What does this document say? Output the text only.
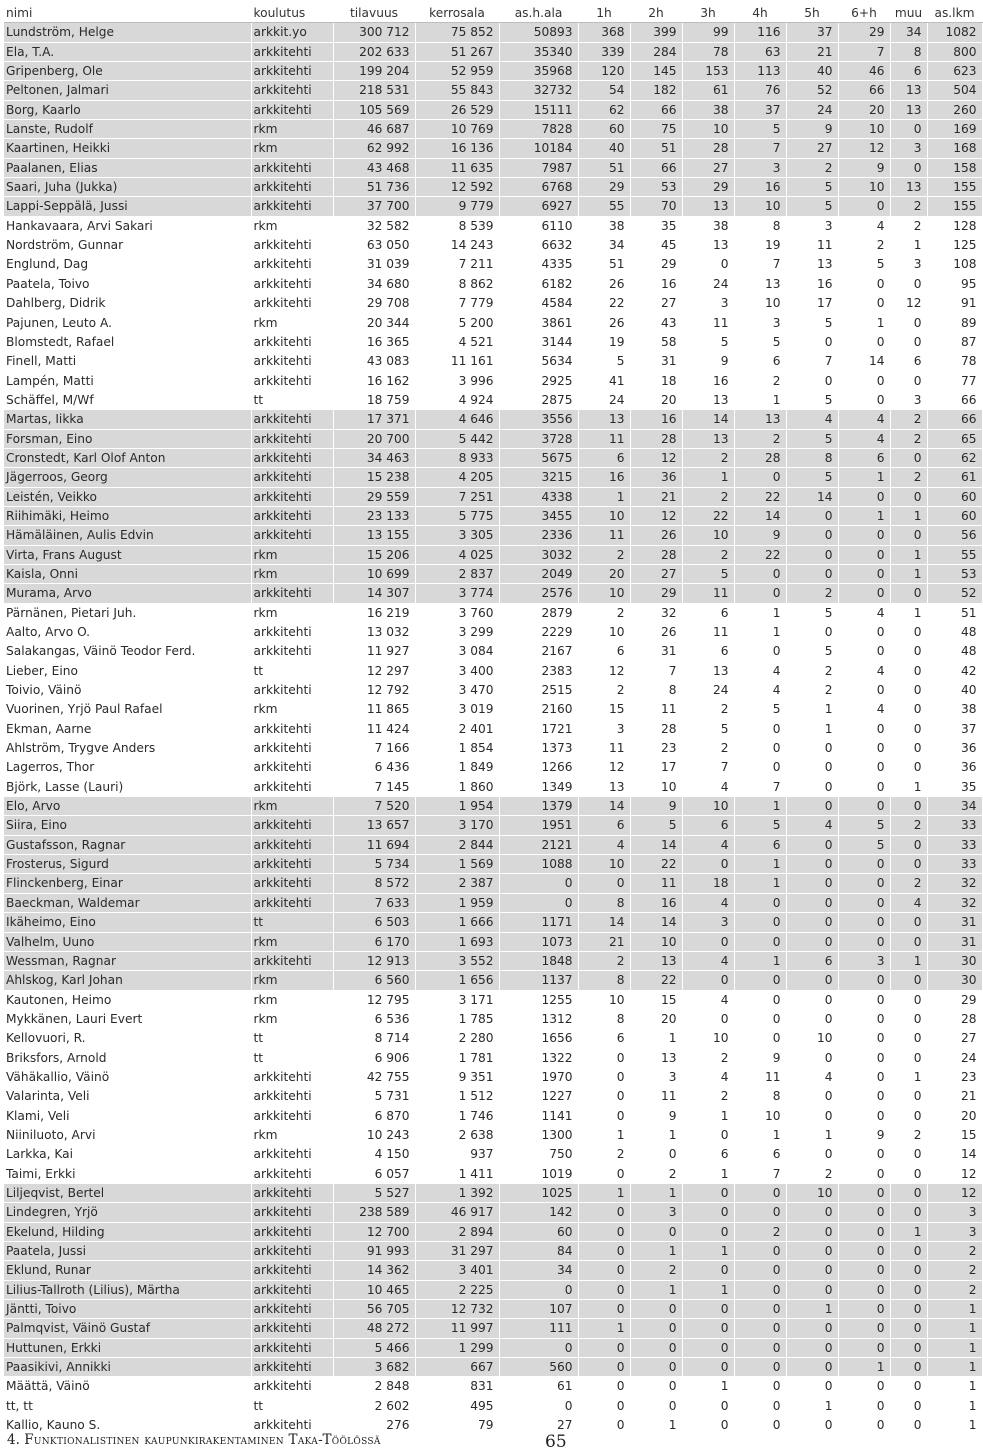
nimi	koulutus	tilavuus	kerrosala	as.h.ala	1h	2h	3h	4h	5h	6+h	muu	as.lkm
Lundström, Helge	arkkit.yo	300 712	75 852	50893	368	399	99	116	37	29	34	1082
Ela, T.A.	arkkitehti	202 633	51 267	35340	339	284	78	63	21	7	8	800
Gripenberg, Ole	arkkitehti	199 204	52 959	35968	120	145	153	113	40	46	6	623
Peltonen, Jalmari	arkkitehti	218 531	55 843	32732	54	182	61	76	52	66	13	504
Borg, Kaarlo	arkkitehti	105 569	26 529	15111	62	66	38	37	24	20	13	260
Lanste, Rudolf	rkm	46 687	10 769	7828	60	75	10	5	9	10	0	169
Kaartinen, Heikki	rkm	62 992	16 136	10184	40	51	28	7	27	12	3	168
Paalanen, Elias	arkkitehti	43 468	11 635	7987	51	66	27	3	2	9	0	158
Saari, Juha (Jukka)	arkkitehti	51 736	12 592	6768	29	53	29	16	5	10	13	155
Lappi-Seppälä, Jussi	arkkitehti	37 700	9 779	6927	55	70	13	10	5	0	2	155
Hankavaara, Arvi Sakari	rkm	32 582	8 539	6110	38	35	38	8	3	4	2	128
Nordström, Gunnar	arkkitehti	63 050	14 243	6632	34	45	13	19	11	2	1	125
Englund, Dag	arkkitehti	31 039	7 211	4335	51	29	0	7	13	5	3	108
Paatela, Toivo	arkkitehti	34 680	8 862	6182	26	16	24	13	16	0	0	95
Dahlberg, Didrik	arkkitehti	29 708	7 779	4584	22	27	3	10	17	0	12	91
Pajunen, Leuto A.	rkm	20 344	5 200	3861	26	43	11	3	5	1	0	89
Blomstedt, Rafael	arkkitehti	16 365	4 521	3144	19	58	5	5	0	0	0	87
Finell, Matti	arkkitehti	43 083	11 161	5634	5	31	9	6	7	14	6	78
Lampén, Matti	arkkitehti	16 162	3 996	2925	41	18	16	2	0	0	0	77
Schäffel, M/Wf	tt	18 759	4 924	2875	24	20	13	1	5	0	3	66
Martas, Iikka	arkkitehti	17 371	4 646	3556	13	16	14	13	4	4	2	66
Forsman, Eino	arkkitehti	20 700	5 442	3728	11	28	13	2	5	4	2	65
Cronstedt, Karl Olof Anton	arkkitehti	34 463	8 933	5675	6	12	2	28	8	6	0	62
Jägerroos, Georg	arkkitehti	15 238	4 205	3215	16	36	1	0	5	1	2	61
Leistén, Veikko	arkkitehti	29 559	7 251	4338	1	21	2	22	14	0	0	60
Riihimäki, Heimo	arkkitehti	23 133	5 775	3455	10	12	22	14	0	1	1	60
Hämäläinen, Aulis Edvin	arkkitehti	13 155	3 305	2336	11	26	10	9	0	0	0	56
Virta, Frans August	rkm	15 206	4 025	3032	2	28	2	22	0	0	1	55
Kaisla, Onni	rkm	10 699	2 837	2049	20	27	5	0	0	0	1	53
Murama, Arvo	arkkitehti	14 307	3 774	2576	10	29	11	0	2	0	0	52
Pärnänen, Pietari Juh.	rkm	16 219	3 760	2879	2	32	6	1	5	4	1	51
Aalto, Arvo O.	arkkitehti	13 032	3 299	2229	10	26	11	1	0	0	0	48
Salakangas, Väinö Teodor Ferd.	arkkitehti	11 927	3 084	2167	6	31	6	0	5	0	0	48
Lieber, Eino	tt	12 297	3 400	2383	12	7	13	4	2	4	0	42
Toivio, Väinö	arkkitehti	12 792	3 470	2515	2	8	24	4	2	0	0	40
Vuorinen, Yrjö Paul Rafael	rkm	11 865	3 019	2160	15	11	2	5	1	4	0	38
Ekman, Aarne	arkkitehti	11 424	2 401	1721	3	28	5	0	1	0	0	37
Ahlström, Trygve Anders	arkkitehti	7 166	1 854	1373	11	23	2	0	0	0	0	36
Lagerros, Thor	arkkitehti	6 436	1 849	1266	12	17	7	0	0	0	0	36
Björk, Lasse (Lauri)	arkkitehti	7 145	1 860	1349	13	10	4	7	0	0	1	35
Elo, Arvo	rkm	7 520	1 954	1379	14	9	10	1	0	0	0	34
Siira, Eino	arkkitehti	13 657	3 170	1951	6	5	6	5	4	5	2	33
Gustafsson, Ragnar	arkkitehti	11 694	2 844	2121	4	14	4	6	0	5	0	33
Frosterus, Sigurd	arkkitehti	5 734	1 569	1088	10	22	0	1	0	0	0	33
Flinckenberg, Einar	arkkitehti	8 572	2 387	0	0	11	18	1	0	0	2	32
Baeckman, Waldemar	arkkitehti	7 633	1 959	0	8	16	4	0	0	0	4	32
Ikäheimo, Eino	tt	6 503	1 666	1171	14	14	3	0	0	0	0	31
Valhelm, Uuno	rkm	6 170	1 693	1073	21	10	0	0	0	0	0	31
Wessman, Ragnar	arkkitehti	12 913	3 552	1848	2	13	4	1	6	3	1	30
Ahlskog, Karl Johan	rkm	6 560	1 656	1137	8	22	0	0	0	0	0	30
Kautonen, Heimo	rkm	12 795	3 171	1255	10	15	4	0	0	0	0	29
Mykkänen, Lauri Evert	rkm	6 536	1 785	1312	8	20	0	0	0	0	0	28
Kellovuori, R.	tt	8 714	2 280	1656	6	1	10	0	10	0	0	27
Briksfors, Arnold	tt	6 906	1 781	1322	0	13	2	9	0	0	0	24
Vähäkallio, Väinö	arkkitehti	42 755	9 351	1970	0	3	4	11	4	0	1	23
Valarinta, Veli	arkkitehti	5 731	1 512	1227	0	11	2	8	0	0	0	21
Klami, Veli	arkkitehti	6 870	1 746	1141	0	9	1	10	0	0	0	20
Niiniluoto, Arvi	rkm	10 243	2 638	1300	1	1	0	1	1	9	2	15
Larkka, Kai	arkkitehti	4 150	937	750	2	0	6	6	0	0	0	14
Taimi, Erkki	arkkitehti	6 057	1 411	1019	0	2	1	7	2	0	0	12
Liljeqvist, Bertel	arkkitehti	5 527	1 392	1025	1	1	0	0	10	0	0	12
Lindegren, Yrjö	arkkitehti	238 589	46 917	142	0	3	0	0	0	0	0	3
Ekelund, Hilding	arkkitehti	12 700	2 894	60	0	0	0	2	0	0	1	3
Paatela, Jussi	arkkitehti	91 993	31 297	84	0	1	1	0	0	0	0	2
Eklund, Runar	arkkitehti	14 362	3 401	34	0	2	0	0	0	0	0	2
Lilius-Tallroth (Lilius), Märtha	arkkitehti	10 465	2 225	0	0	1	1	0	0	0	0	2
Jäntti, Toivo	arkkitehti	56 705	12 732	107	0	0	0	0	1	0	0	1
Palmqvist, Väinö Gustaf	arkkitehti	48 272	11 997	111	1	0	0	0	0	0	0	1
Huttunen, Erkki	arkkitehti	5 466	1 299	0	0	0	0	0	0	0	0	1
Paasikivi, Annikki	arkkitehti	3 682	667	560	0	0	0	0	0	1	0	1
Määttä, Väinö	arkkitehti	2 848	831	61	0	0	1	0	0	0	0	1
tt, tt	tt	2 602	495	0	0	0	0	0	1	0	0	1
Kallio, Kauno S.	arkkitehti	276	79	27	0	1	0	0	0	0	0	1
4. Funktionalistinen kaupunkirakentaminen Taka-Töölössä	65
